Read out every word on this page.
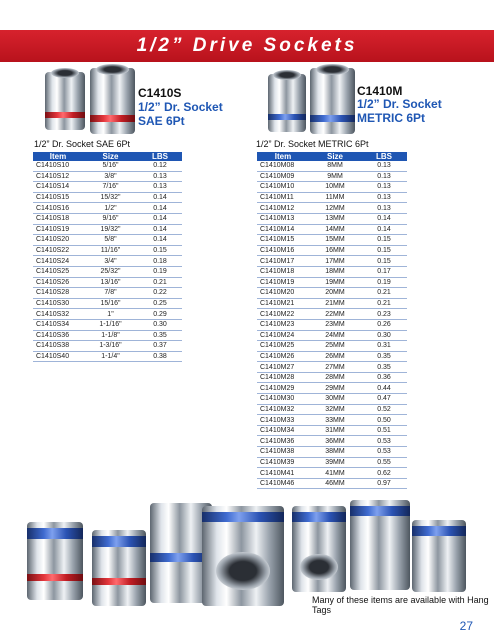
1/2” Drive Sockets
C1410S
1/2” Dr. Socket
SAE 6Pt
1/2” Dr. Socket SAE 6Pt
Item	Size	LBS
C1410S10	5/16"	0.12
C1410S12	3/8"	0.13
C1410S14	7/16"	0.13
C1410S15	15/32"	0.14
C1410S16	1/2"	0.14
C1410S18	9/16"	0.14
C1410S19	19/32"	0.14
C1410S20	5/8"	0.14
C1410S22	11/16"	0.15
C1410S24	3/4"	0.18
C1410S25	25/32"	0.19
C1410S26	13/16"	0.21
C1410S28	7/8"	0.22
C1410S30	15/16"	0.25
C1410S32	1"	0.29
C1410S34	1-1/16"	0.30
C1410S36	1-1/8"	0.35
C1410S38	1-3/16"	0.37
C1410S40	1-1/4"	0.38
C1410M
1/2” Dr. Socket
METRIC 6Pt
1/2” Dr. Socket METRIC 6Pt
Item	Size	LBS
C1410M08	8MM	0.13
C1410M09	9MM	0.13
C1410M10	10MM	0.13
C1410M11	11MM	0.13
C1410M12	12MM	0.13
C1410M13	13MM	0.14
C1410M14	14MM	0.14
C1410M15	15MM	0.15
C1410M16	16MM	0.15
C1410M17	17MM	0.15
C1410M18	18MM	0.17
C1410M19	19MM	0.19
C1410M20	20MM	0.21
C1410M21	21MM	0.21
C1410M22	22MM	0.23
C1410M23	23MM	0.26
C1410M24	24MM	0.30
C1410M25	25MM	0.31
C1410M26	26MM	0.35
C1410M27	27MM	0.35
C1410M28	28MM	0.36
C1410M29	29MM	0.44
C1410M30	30MM	0.47
C1410M32	32MM	0.52
C1410M33	33MM	0.50
C1410M34	31MM	0.51
C1410M36	36MM	0.53
C1410M38	38MM	0.53
C1410M39	39MM	0.55
C1410M41	41MM	0.62
C1410M46	46MM	0.97
Many of these items are available with Hang Tags
27
